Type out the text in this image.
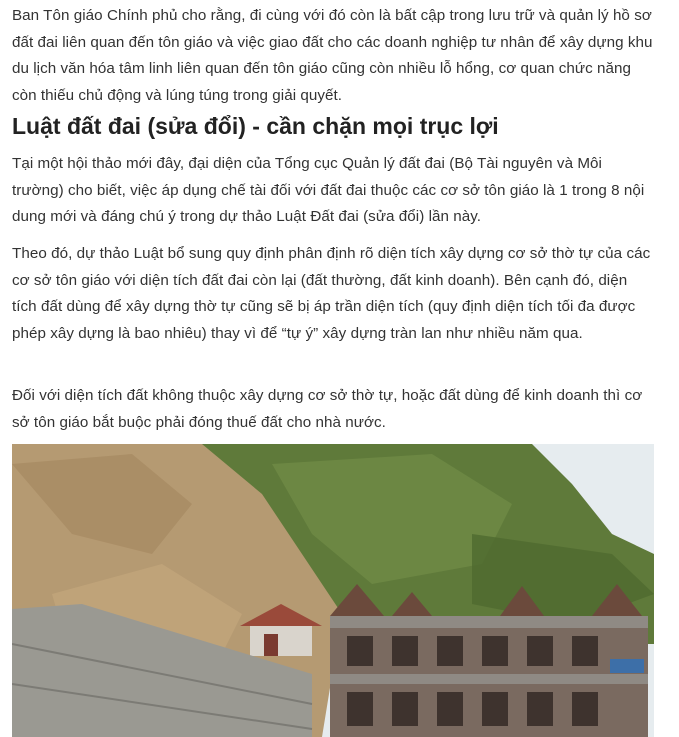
Ban Tôn giáo Chính phủ cho rằng, đi cùng với đó còn là bất cập trong lưu trữ và quản lý hồ sơ đất đai liên quan đến tôn giáo và việc giao đất cho các doanh nghiệp tư nhân để xây dựng khu du lịch văn hóa tâm linh liên quan đến tôn giáo cũng còn nhiều lỗ hổng, cơ quan chức năng còn thiếu chủ động và lúng túng trong giải quyết.

Luật đất đai (sửa đổi) - cần chặn mọi trục lợi

Tại một hội thảo mới đây, đại diện của Tổng cục Quản lý đất đai (Bộ Tài nguyên và Môi trường) cho biết, việc áp dụng chế tài đối với đất đai thuộc các cơ sở tôn giáo là 1 trong 8 nội dung mới và đáng chú ý trong dự thảo Luật Đất đai (sửa đổi) lần này.

Theo đó, dự thảo Luật bổ sung quy định phân định rõ diện tích xây dựng cơ sở thờ tự của các cơ sở tôn giáo với diện tích đất đai còn lại (đất thường, đất kinh doanh). Bên cạnh đó, diện tích đất dùng để xây dựng thờ tự cũng sẽ bị áp trần diện tích (quy định diện tích tối đa được phép xây dựng là bao nhiêu) thay vì để “tự ý” xây dựng tràn lan như nhiều năm qua.

Đối với diện tích đất không thuộc xây dựng cơ sở thờ tự, hoặc đất dùng để kinh doanh thì cơ sở tôn giáo bắt buộc phải đóng thuế đất cho nhà nước.
